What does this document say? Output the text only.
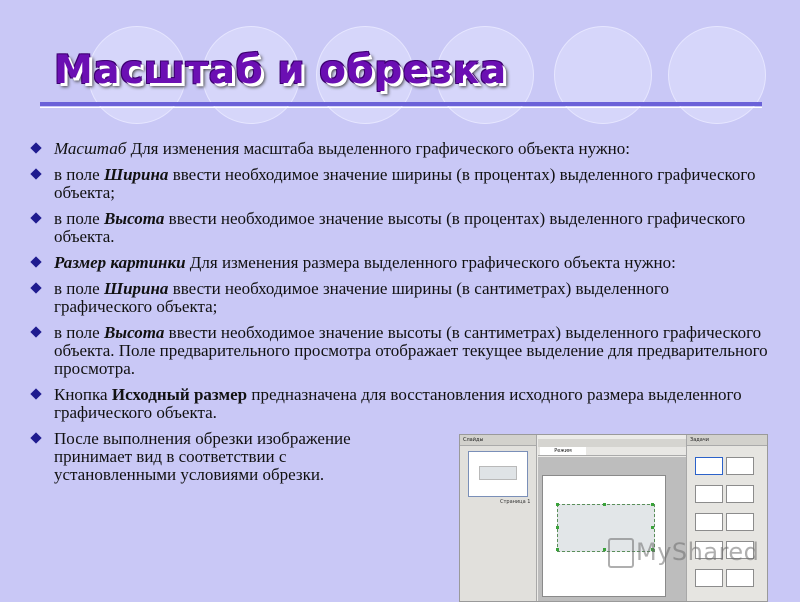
Масштаб и обрезка
Масштаб Для изменения масштаба выделенного графического объекта нужно:
в поле Ширина ввести необходимое значение ширины (в процентах) выделенного графического объекта;
в поле Высота ввести необходимое значение высоты (в процентах) выделенного графического объекта.
Размер картинки Для изменения размера выделенного графического объекта нужно:
в поле Ширина ввести необходимое значение ширины (в сантиметрах) выделенного графического объекта;
в поле Высота ввести необходимое значение высоты (в сантиметрах) выделенного графического объекта. Поле предварительного просмотра отображает текущее выделение для предварительного просмотра.
Кнопка Исходный размер предназначена для восстановления исходного размера выделенного графического объекта.
После выполнения обрезки изображение принимает вид в соответствии с установленными условиями обрезки.
Слайды
Страница 1
Режим
Задачи

MyShared
